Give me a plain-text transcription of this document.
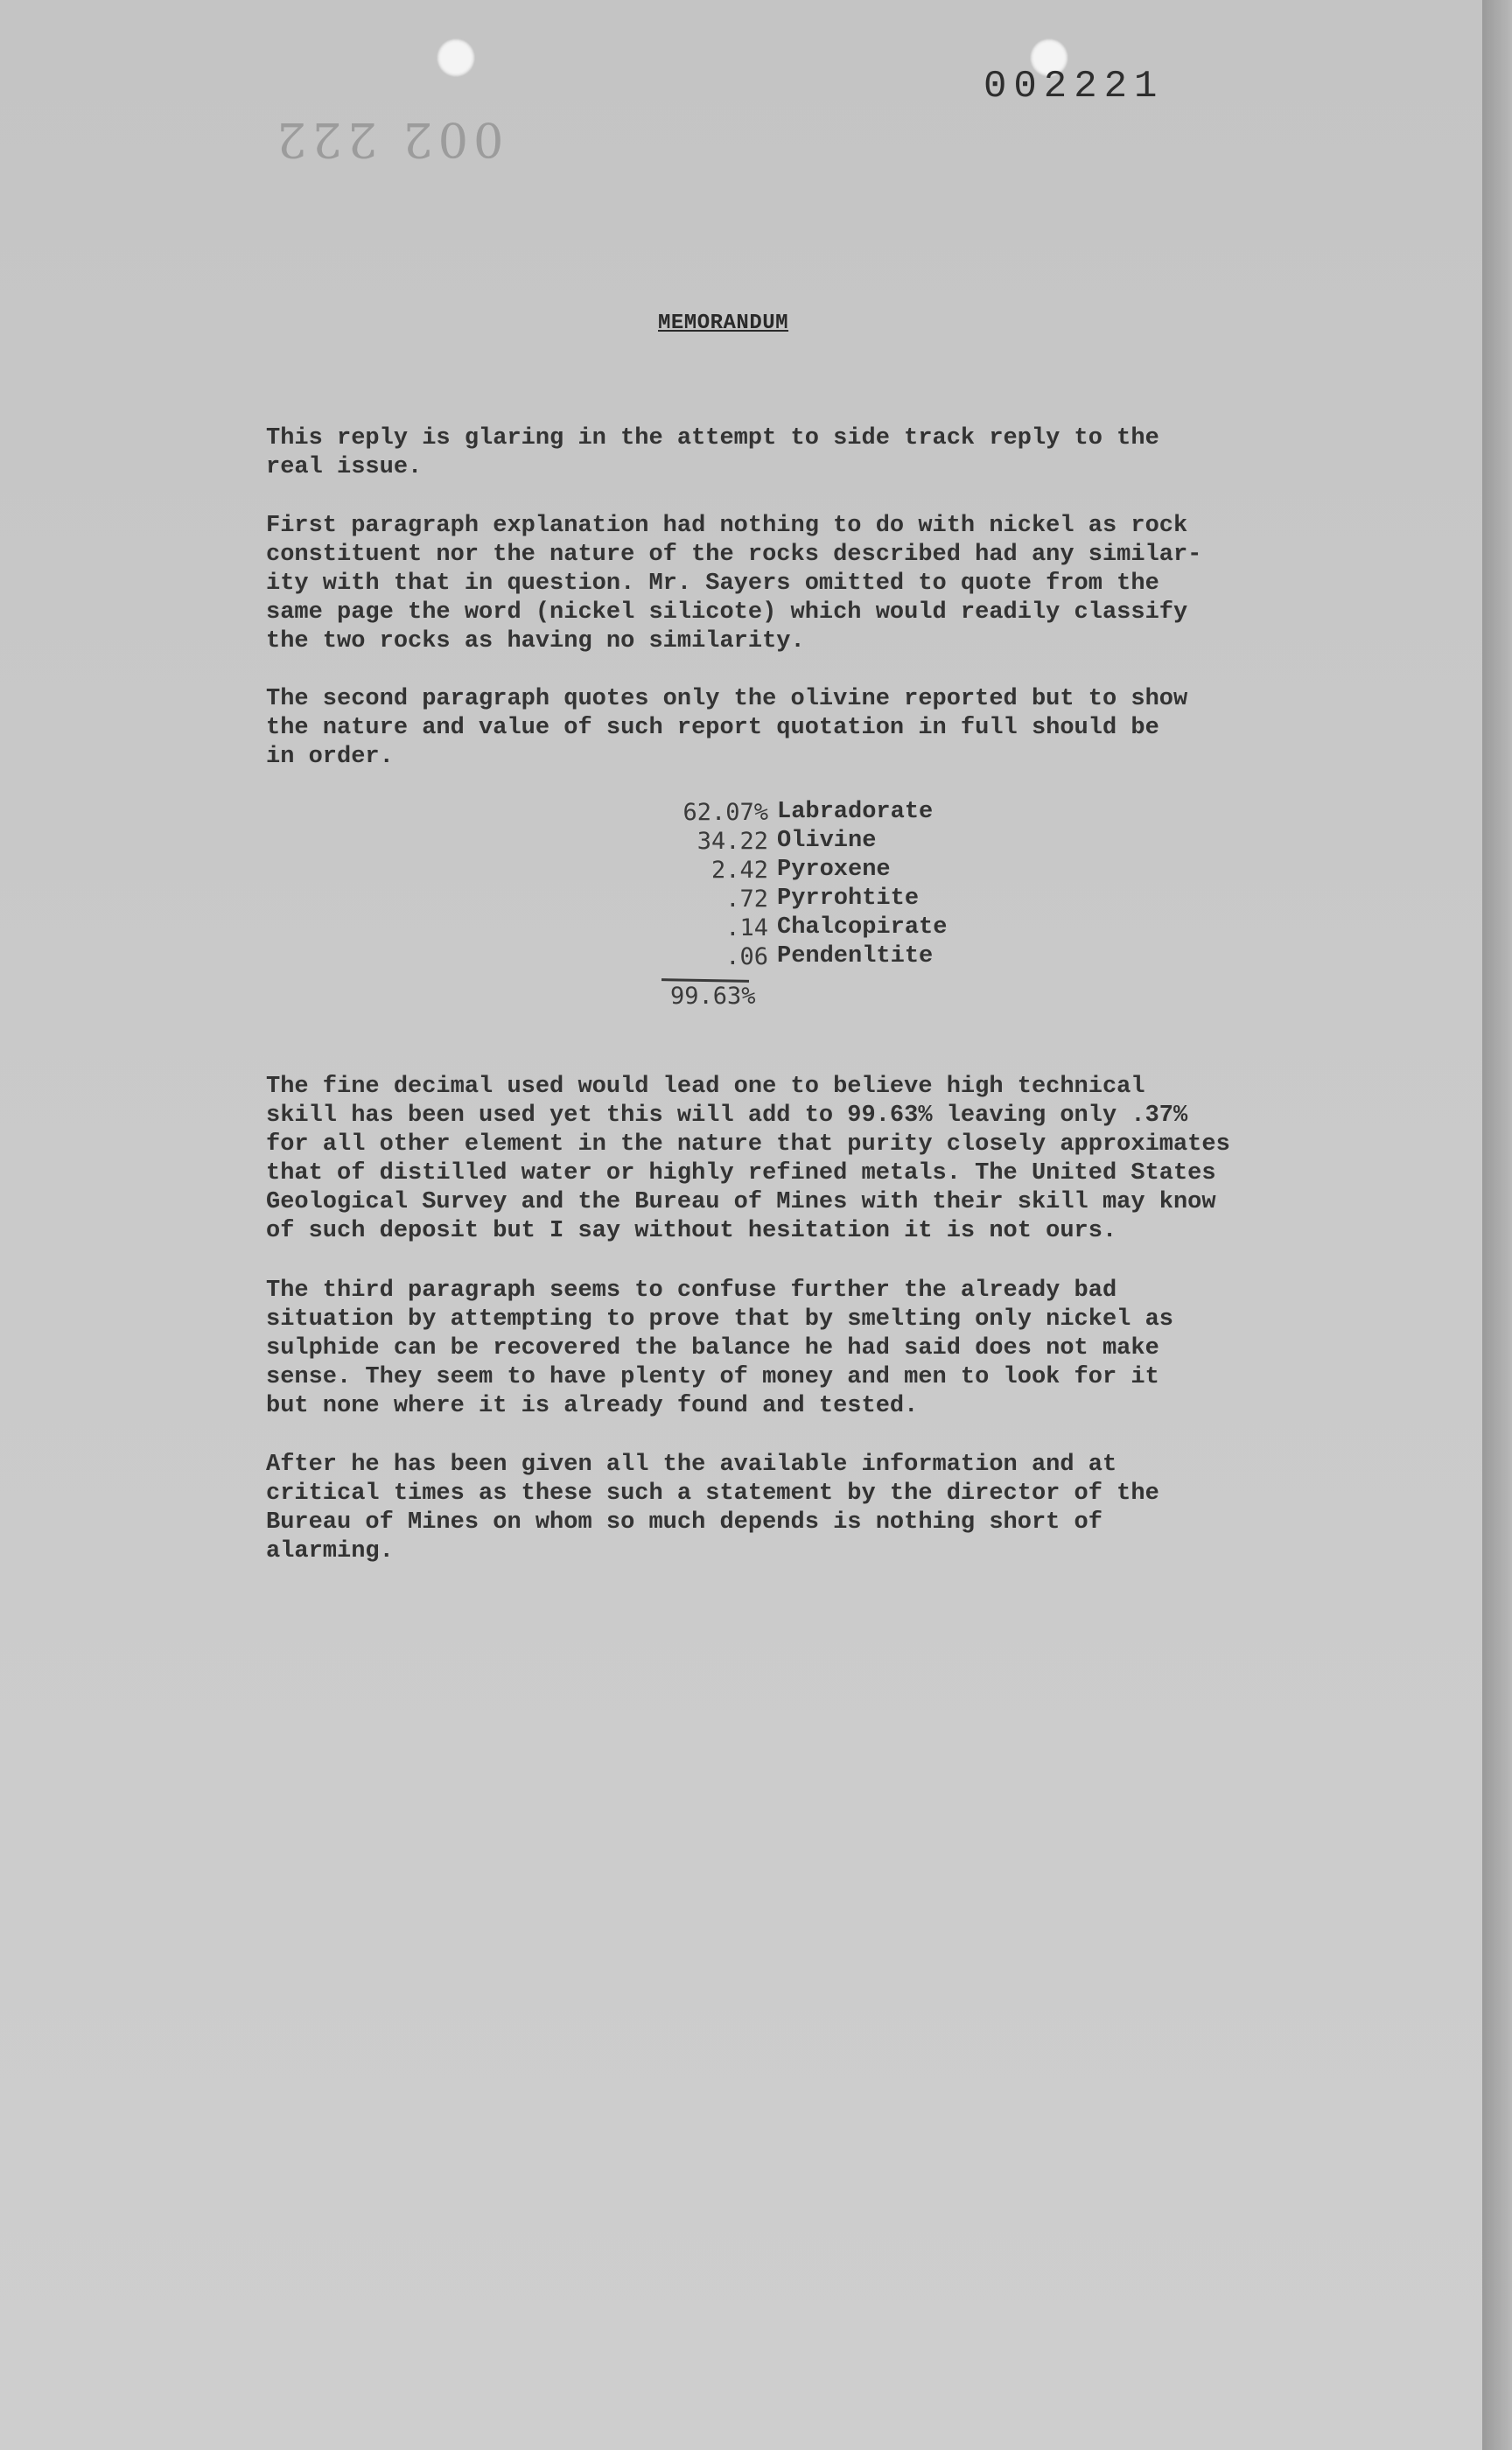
002221
002 222
MEMORANDUM

This reply is glaring in the attempt to side track reply to the
real issue.

First paragraph explanation had nothing to do with nickel as rock
constituent nor the nature of the rocks described had any similar-
ity with that in question. Mr. Sayers omitted to quote from the
same page the word (nickel silicote) which would readily classify
the two rocks as having no similarity.

The second paragraph quotes only the olivine reported but to show
the nature and value of such report quotation in full should be
in order.

62.07% Labradorate
34.22 Olivine
2.42 Pyroxene
.72 Pyrrohtite
.14 Chalcopirate
.06 Pendenltite
99.63%

The fine decimal used would lead one to believe high technical
skill has been used yet this will add to 99.63% leaving only .37%
for all other element in the nature that purity closely approximates
that of distilled water or highly refined metals. The United States
Geological Survey and the Bureau of Mines with their skill may know
of such deposit but I say without hesitation it is not ours.

The third paragraph seems to confuse further the already bad
situation by attempting to prove that by smelting only nickel as
sulphide can be recovered the balance he had said does not make
sense. They seem to have plenty of money and men to look for it
but none where it is already found and tested.

After he has been given all the available information and at
critical times as these such a statement by the director of the
Bureau of Mines on whom so much depends is nothing short of
alarming.
